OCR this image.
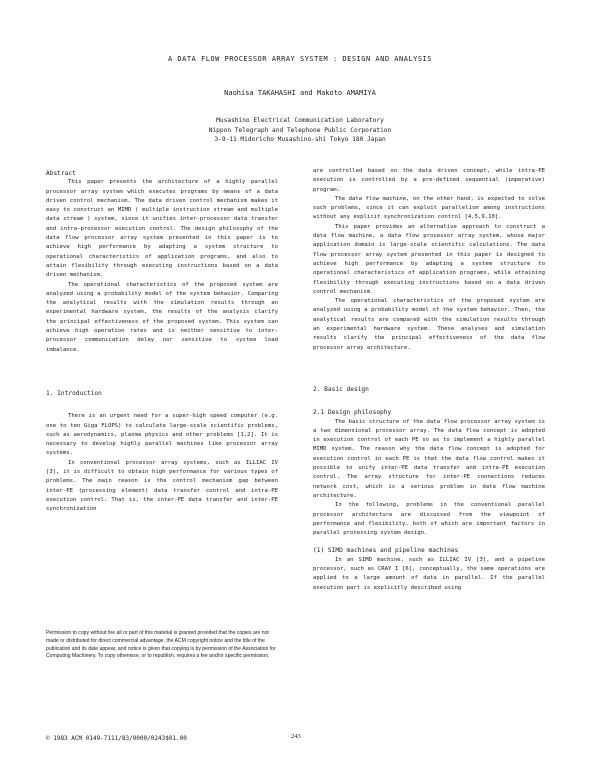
A DATA FLOW PROCESSOR ARRAY SYSTEM : DESIGN AND ANALYSIS
Naohisa TAKAHASHI and Makoto AMAMIYA
Musashino Electrical Communication Laboratory
Nippon Telegraph and Telephone Public Corporation
3-9-11 Midoricho Musashino-shi Tokyo 180 Japan
Abstract

This paper presents the architecture of a highly parallel processor array system which executes programs by means of a data driven control mechanism. The data driven control mechanism makes it easy to construct an MIMD ( multiple instruction stream and multiple data stream ) system, since it unifies inter-processor data transfer and intra-processor execution control. The design philosophy of the data flow processor array system presented in this paper is to achieve high performance by adapting a system structure to operational characteristics of application programs, and also to attain flexibility through executing instructions based on a data driven mechanism.

The operational characteristics of the proposed system are analyzed using a probability model of the system behavior. Comparing the analytical results with the simulation results through an experimental hardware system, the results of the analysis clarify the principal effectiveness of the proposed system. This system can achieve high operation rates and is neither sensitive to inter-processor communication delay nor sensitive to system load imbalance.

1. Introduction

There is an urgent need for a super-high speed computer (e.g. one to ten Giga FLOPS) to calculate large-scale scientific problems, such as aerodynamics, plasma physics and other problems [1,2]. It is necessary to develop highly parallel machines like processor array systems.

In conventional processor array systems, such as ILLIAC IV [3], it is difficult to obtain high performance for various types of problems. The main reason is the control mechanism gap between inter-PE (processing element) data transfer control and intra-PE execution control. That is, the inter-PE data transfer and inter-PE synchronization

Permission to copy without fee all or part of this material is granted provided that the copies are not made or distributed for direct commercial advantage, the ACM copyright notice and the title of the publication and its date appear, and notice is given that copying is by permission of the Association for Computing Machinery. To copy otherwise, or to republish, requires a fee and/or specific permission.

© 1983 ACM 0149-7111/83/0000/0243$01.00	243

are controlled based on the data driven concept, while intra-PE execution is controlled by a pre-defined sequential (imperative) program.

The data flow machine, on the other hand, is expected to solve such problems, since it can exploit parallelism among instructions without any explicit synchronization control [4,5,9,10].

This paper provides an alternative approach to construct a data flow machine, a data flow processor array system, whose major application domain is large-scale scientific calculations. The data flow processor array system presented in this paper is designed to achieve high performance by adapting a system structure to operational characteristics of application programs, while attaining flexibility through executing instructions based on a data driven control mechanism.

The operational characteristics of the proposed system are analyzed using a probability model of the system behavior. Then, the analytical results are compared with the simulation results through an experimental hardware system. These analyses and simulation results clarify the principal effectiveness of the data flow processor array architecture.

2. Basic design
2.1 Design philosophy

The basic structure of the data flow processor array system is a two dimensional processor array. The data flow concept is adopted in execution control of each PE so as to implement a highly parallel MIMD system. The reason why the data flow concept is adopted for execution control in each PE is that the data flow control makes it possible to unify inter-PE data transfer and intra-PE execution control. The array structure for inter-PE connections reduces network cost, which is a serious problem in data flow machine architecture.

In the following, problems in the conventional parallel processor architecture are discussed from the viewpoint of performance and flexibility, both of which are important factors in parallel processing system design.

(1) SIMD machines and pipeline machines

In an SIMD machine, such as ILLIAC IV [3], and a pipeline processor, such as CRAY I [6], conceptually, the same operations are applied to a large amount of data in parallel. If the parallel execution part is explicitly described using
